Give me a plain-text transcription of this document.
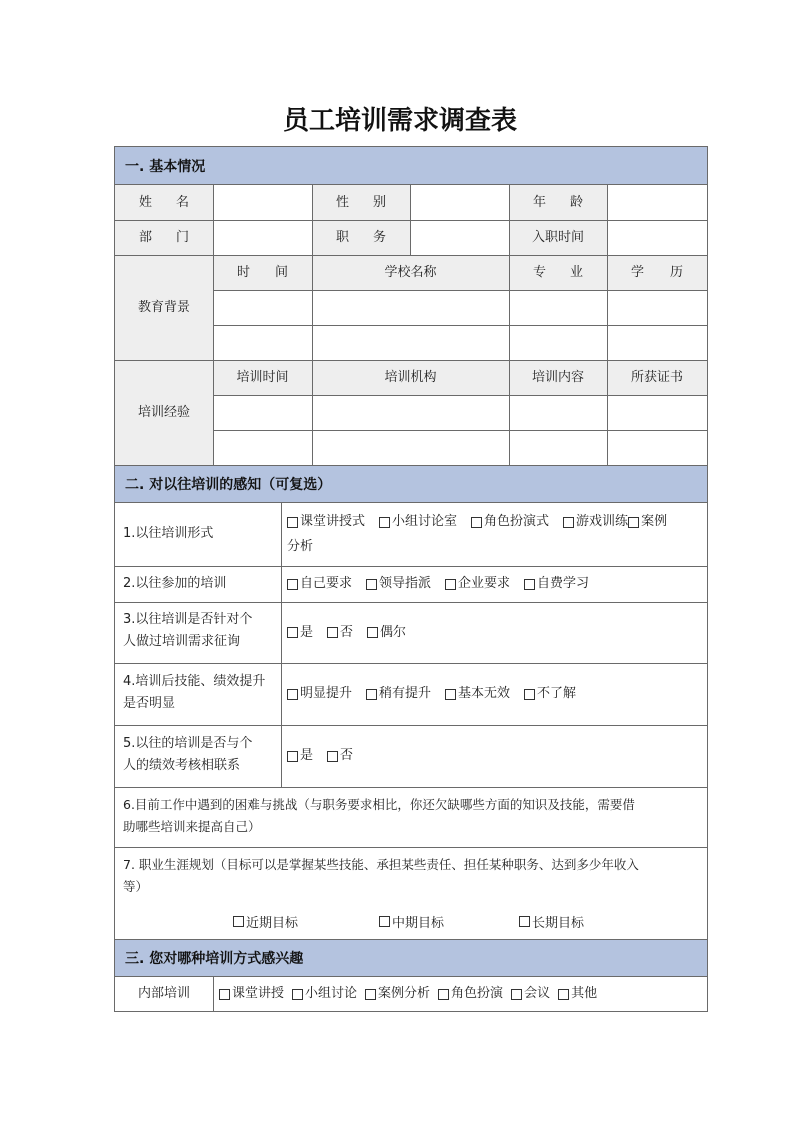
员工培训需求调查表
一. 基本情况
姓 名	性 别	年 龄
部 门	职 务	入职时间
教育背景
时 间	学校名称	专 业	学 历
培训经验
培训时间	培训机构	培训内容	所获证书
二. 对以往培训的感知（可复选）
1.以往培训形式
课堂讲授式 小组讨论室 角色扮演式 游戏训练 案例
分析
2.以往参加的培训	自己要求 领导指派 企业要求 自费学习
3.以往培训是否针对个
人做过培训需求征询
是 否 偶尔
4.培训后技能、绩效提升
是否明显
明显提升 稍有提升 基本无效 不了解
5.以往的培训是否与个
人的绩效考核相联系
是 否
6.目前工作中遇到的困难与挑战（与职务要求相比，你还欠缺哪些方面的知识及技能，需要借
助哪些培训来提高自己）
7. 职业生涯规划（目标可以是掌握某些技能、承担某些责任、担任某种职务、达到多少年收入
等）
近期目标	中期目标	长期目标
三. 您对哪种培训方式感兴趣
内部培训	课堂讲授 小组讨论 案例分析 角色扮演 会议 其他
